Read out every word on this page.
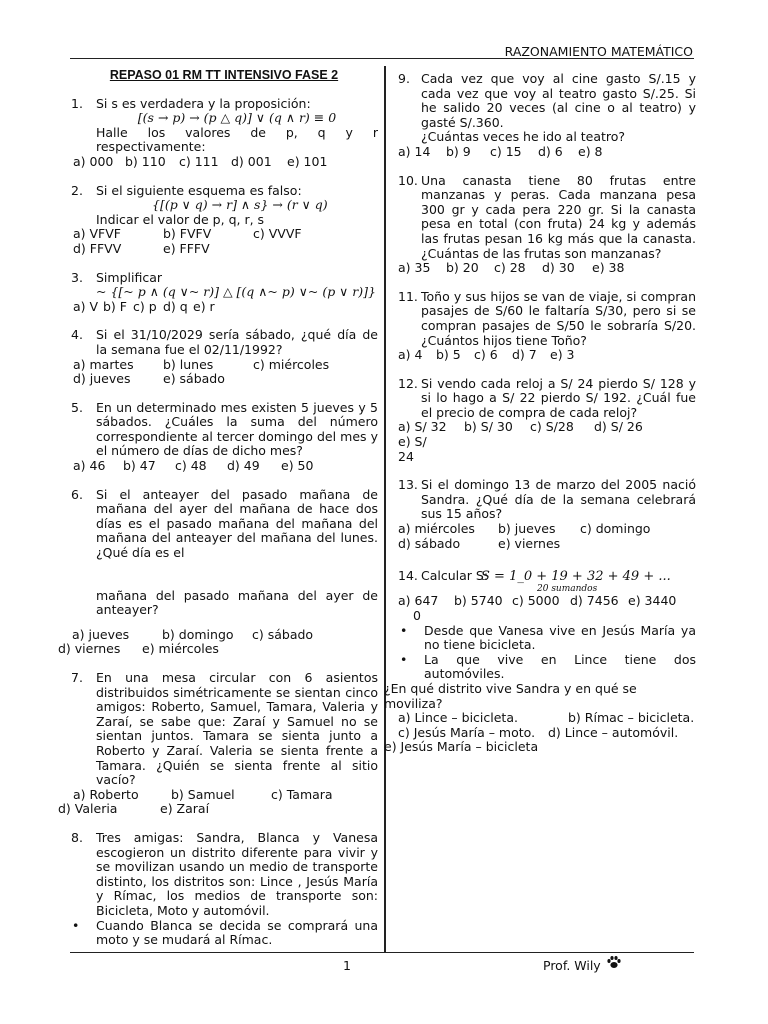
RAZONAMIENTO MATEMÁTICO
REPASO 01 RM TT INTENSIVO FASE 2
1. Si s es verdadera y la proposición:
[(s → p) → (p △ q)] ∨ (q ∧ r) ≡ 0
Halle los valores de p, q y r respectivamente:
a) 000 b) 110	c) 111 d) 001	e) 101
2. Si el siguiente esquema es falso:
{[(p ∨ q) → r] ∧ s} → (r ∨ q)
Indicar el valor de p, q, r, s
a) VFVF	b) FVFV	c) VVVF
d) FFVV	e) FFFV
3. Simplificar
~ {[~ p ∧ (q ∨~ r)] △ [(q ∧~ p) ∨~ (p ∨ r)]}
a) V b) F c) p d) q e) r
4. Si el 31/10/2029 sería sábado, ¿qué día de la semana fue el 02/11/1992?
a) martes	b) lunes	c) miércoles
d) jueves	e) sábado
5. En un determinado mes existen 5 jueves y 5 sábados. ¿Cuáles la suma del número correspondiente al tercer domingo del mes y el número de días de dicho mes?
a) 46	b) 47	c) 48	d) 49	e) 50
6. Si el anteayer del pasado mañana de mañana del ayer del mañana de hace dos días es el pasado mañana del mañana del mañana del anteayer del mañana del lunes. ¿Qué día es el
mañana del pasado mañana del ayer de anteayer?
a) jueves	b) domingo	c) sábado
d) viernes	e) miércoles
7. En una mesa circular con 6 asientos distribuidos simétricamente se sientan cinco amigos: Roberto, Samuel, Tamara, Valeria y Zaraí, se sabe que: Zaraí y Samuel no se sientan juntos. Tamara se sienta junto a Roberto y Zaraí. Valeria se sienta frente a Tamara. ¿Quién se sienta frente al sitio vacío?
a) Roberto	b) Samuel	c) Tamara
d) Valeria	e) Zaraí
8. Tres amigas: Sandra, Blanca y Vanesa escogieron un distrito diferente para vivir y se movilizan usando un medio de transporte distinto, los distritos son: Lince , Jesús María y Rímac, los medios de transporte son: Bicicleta, Moto y automóvil.
• Cuando Blanca se decida se comprará una moto y se mudará al Rímac.
9. Cada vez que voy al cine gasto S/.15 y cada vez que voy al teatro gasto S/.25. Si he salido 20 veces (al cine o al teatro) y gasté S/.360.
¿Cuántas veces he ido al teatro?
a) 14	b) 9	c) 15	d) 6	e) 8
10. Una canasta tiene 80 frutas entre manzanas y peras. Cada manzana pesa 300 gr y cada pera 220 gr. Si la canasta pesa en total (con fruta) 24 kg y además las frutas pesan 16 kg más que la canasta. ¿Cuántas de las frutas son manzanas?
a) 35	b) 20	c) 28	d) 30	e) 38
11. Toño y sus hijos se van de viaje, si compran pasajes de S/60 le faltaría S/30, pero si se compran pasajes de S/50 le sobraría S/20. ¿Cuántos hijos tiene Toño?
a) 4	b) 5	c) 6	d) 7	e) 3
12. Si vendo cada reloj a S/ 24 pierdo S/ 128 y si lo hago a S/ 22 pierdo S/ 192. ¿Cuál fue el precio de compra de cada reloj?
a) S/ 32	b) S/ 30	c) S/28	d) S/ 26
e) S/ 24
13. Si el domingo 13 de marzo del 2005 nació Sandra. ¿Qué día de la semana celebrará sus 15 años?
a) miércoles	b) jueves	c) domingo
d) sábado	e) viernes
14. Calcular S:
S = 1_0 + 19 + 32 + 49 + ...
20 sumandos
a) 647	b) 5740 c) 5000 d) 7456 e) 3440
0
• Desde que Vanesa vive en Jesús María ya no tiene bicicleta.
• La que vive en Lince tiene dos automóviles.
¿En qué distrito vive Sandra y en qué se moviliza?
a) Lince – bicicleta.	b) Rímac – bicicleta.
c) Jesús María – moto.	d) Lince – automóvil.
e) Jesús María – bicicleta
1	Prof. Wily
